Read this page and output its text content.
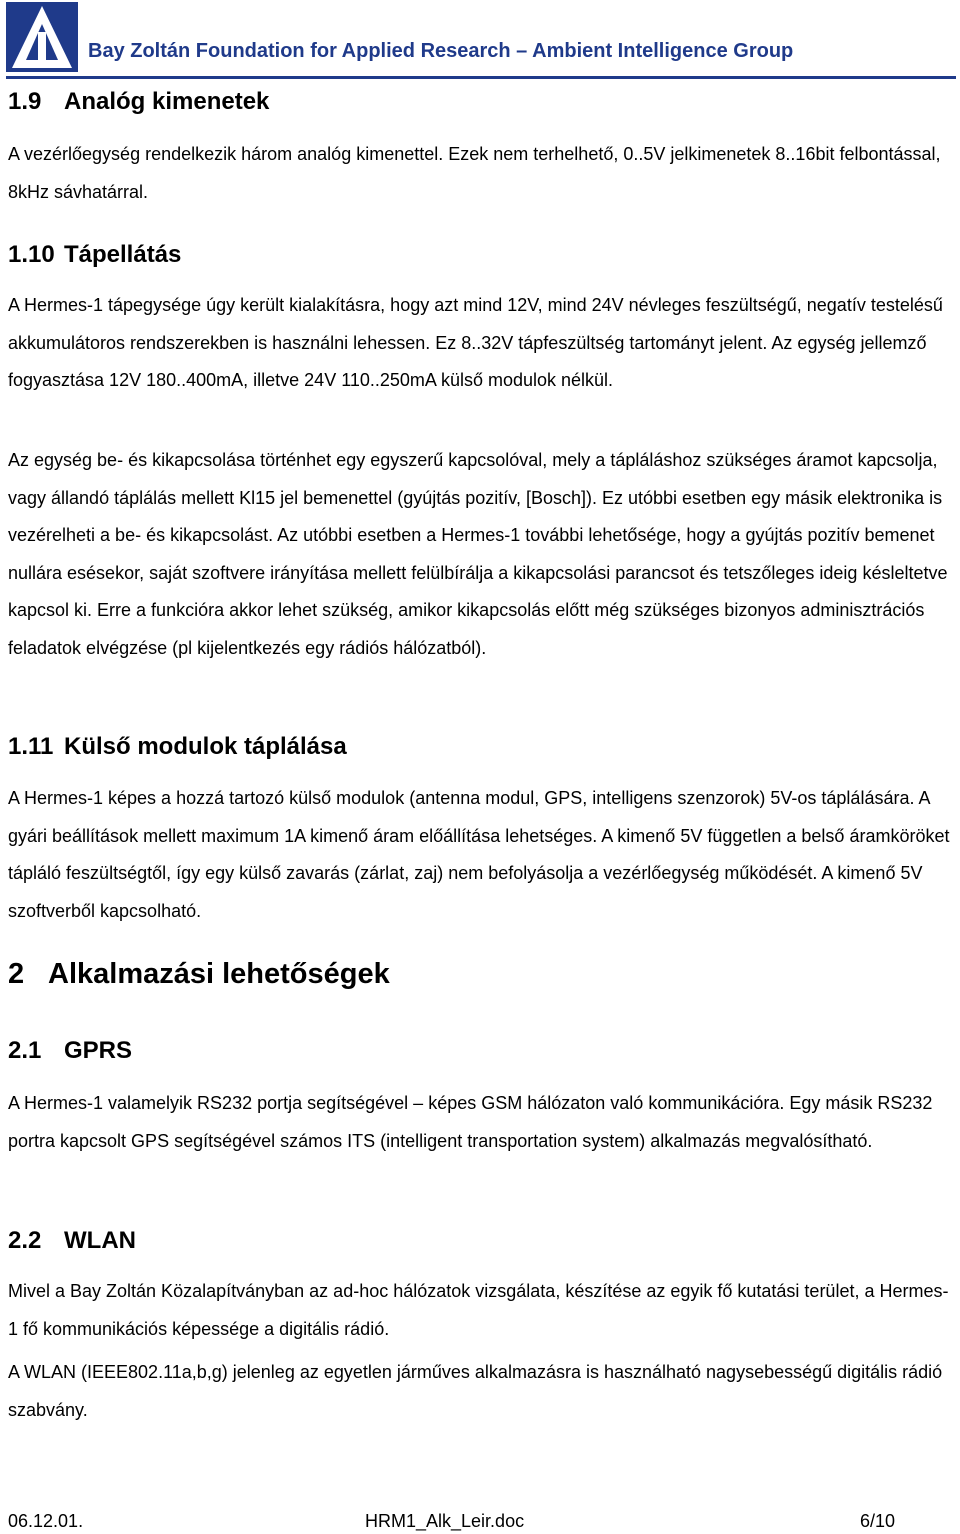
Bay Zoltán Foundation for Applied Research – Ambient Intelligence Group
1.9 Analóg kimenetek

A vezérlőegység rendelkezik három analóg kimenettel. Ezek nem terhelhető, 0..5V jelkimenetek 8..16bit felbontással, 8kHz sávhatárral.

1.10 Tápellátás

A Hermes-1 tápegysége úgy került kialakításra, hogy azt mind 12V, mind 24V névleges feszültségű, negatív testelésű akkumulátoros rendszerekben is használni lehessen. Ez 8..32V tápfeszültség tartományt jelent. Az egység jellemző fogyasztása 12V 180..400mA, illetve 24V 110..250mA külső modulok nélkül.

Az egység be- és kikapcsolása történhet egy egyszerű kapcsolóval, mely a tápláláshoz szükséges áramot kapcsolja, vagy állandó táplálás mellett Kl15 jel bemenettel (gyújtás pozitív, [Bosch]). Ez utóbbi esetben egy másik elektronika is vezérelheti a be- és kikapcsolást. Az utóbbi esetben a Hermes-1 további lehetősége, hogy a gyújtás pozitív bemenet nullára esésekor, saját szoftvere irányítása mellett felülbírálja a kikapcsolási parancsot és tetszőleges ideig késleltetve kapcsol ki. Erre a funkcióra akkor lehet szükség, amikor kikapcsolás előtt még szükséges bizonyos adminisztrációs feladatok elvégzése (pl kijelentkezés egy rádiós hálózatból).

1.11 Külső modulok táplálása

A Hermes-1 képes a hozzá tartozó külső modulok (antenna modul, GPS, intelligens szenzorok) 5V-os táplálására. A gyári beállítások mellett maximum 1A kimenő áram előállítása lehetséges. A kimenő 5V független a belső áramköröket tápláló feszültségtől, így egy külső zavarás (zárlat, zaj) nem befolyásolja a vezérlőegység működését. A kimenő 5V szoftverből kapcsolható.

2 Alkalmazási lehetőségek
2.1 GPRS

A Hermes-1 valamelyik RS232 portja segítségével – képes GSM hálózaton való kommunikációra. Egy másik RS232 portra kapcsolt GPS segítségével számos ITS (intelligent transportation system) alkalmazás megvalósítható.

2.2 WLAN

Mivel a Bay Zoltán Közalapítványban az ad-hoc hálózatok vizsgálata, készítése az egyik fő kutatási terület, a Hermes-1 fő kommunikációs képessége a digitális rádió.

A WLAN (IEEE802.11a,b,g) jelenleg az egyetlen járműves alkalmazásra is használható nagysebességű digitális rádió szabvány.

06.12.01.	HRM1_Alk_Leir.doc	6/10
